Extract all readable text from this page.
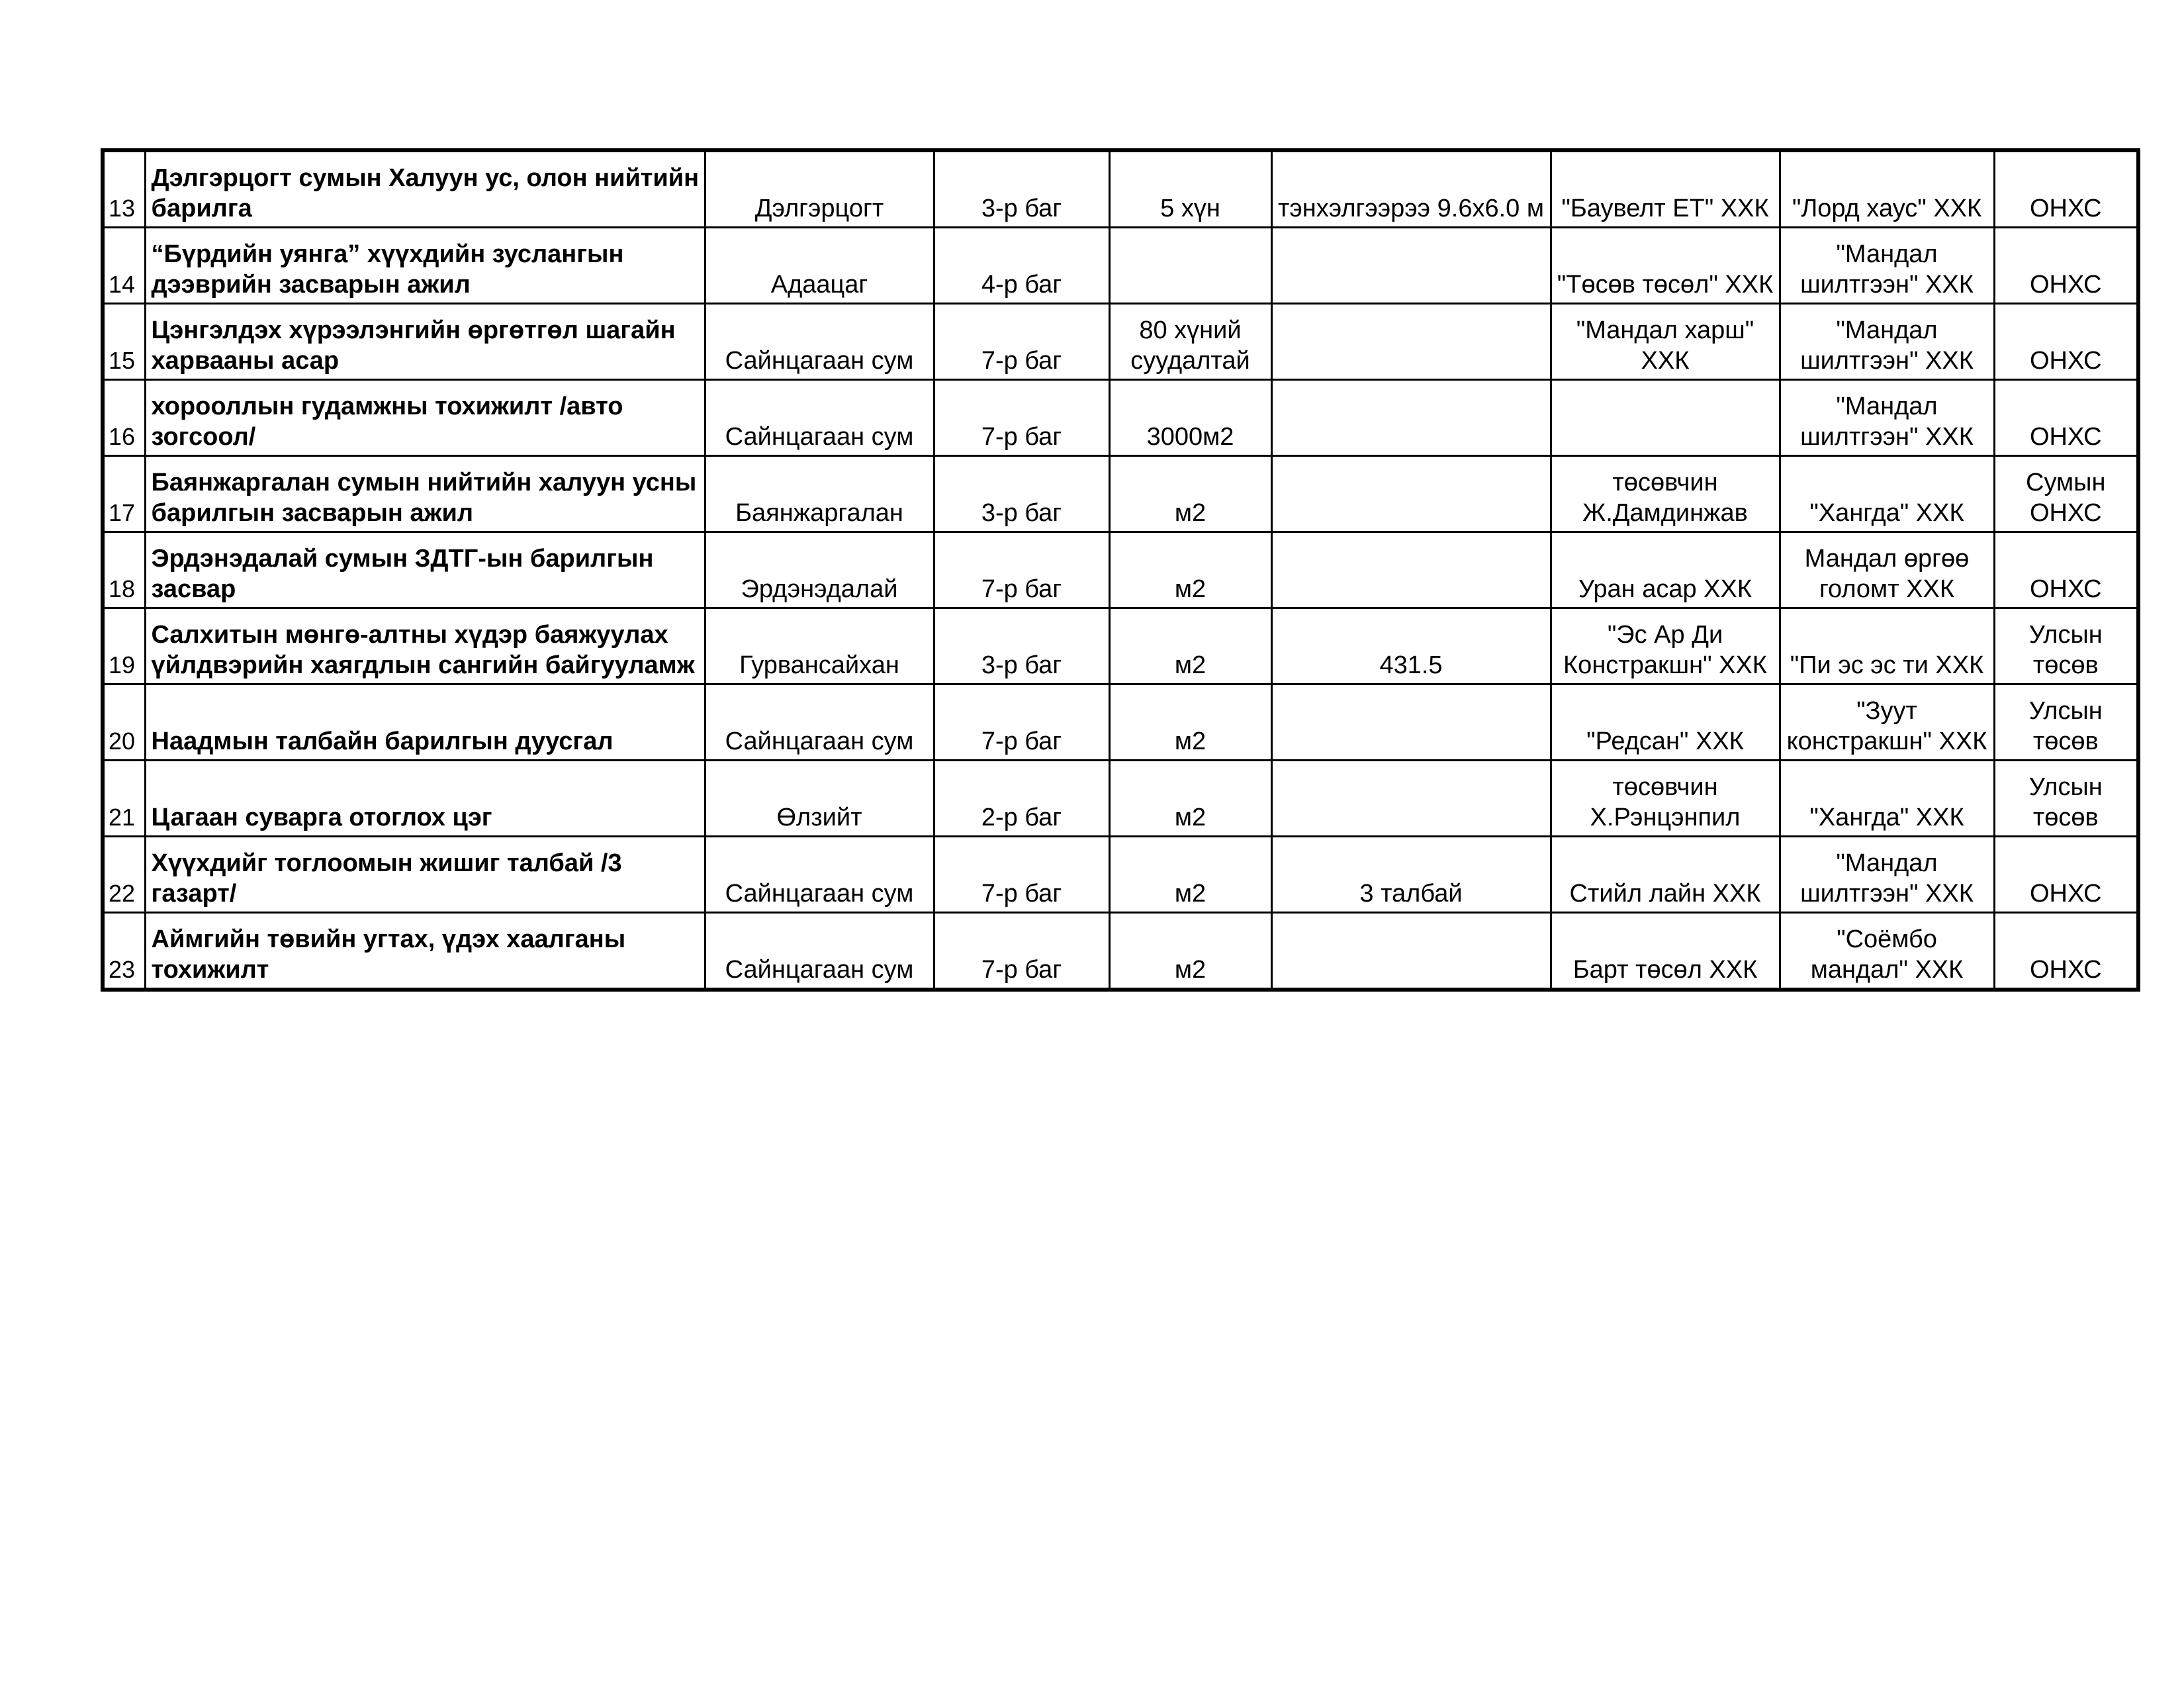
13	Дэлгэрцогт сумын Халуун ус, олон нийтийн барилга	Дэлгэрцогт	3-р баг	5 хүн	тэнхэлгээрээ 9.6х6.0 м	"Баувелт ЕТ" ХХК	"Лорд хаус" ХХК	ОНХС
14	“Бүрдийн уянга” хүүхдийн зуслангын дээврийн засварын ажил	Адаацаг	4-р баг			"Төсөв төсөл" ХХК	"Мандал шилтгээн" ХХК	ОНХС
15	Цэнгэлдэх хүрээлэнгийн өргөтгөл шагайн харвааны асар	Сайнцагаан сум	7-р баг	80 хүний суудалтай		"Мандал харш" ХХК	"Мандал шилтгээн" ХХК	ОНХС
16	хорооллын гудамжны тохижилт /авто зогсоол/	Сайнцагаан сум	7-р баг	3000м2			"Мандал шилтгээн" ХХК	ОНХС
17	Баянжаргалан сумын нийтийн халуун усны барилгын засварын ажил	Баянжаргалан	3-р баг	м2		төсөвчин Ж.Дамдинжав	"Хангда" ХХК	Сумын ОНХС
18	Эрдэнэдалай сумын ЗДТГ-ын барилгын засвар	Эрдэнэдалай	7-р баг	м2		Уран асар ХХК	Мандал өргөө голомт ХХК	ОНХС
19	Салхитын мөнгө-алтны хүдэр баяжуулах үйлдвэрийн хаягдлын сангийн байгууламж	Гурвансайхан	3-р баг	м2	431.5	"Эс Ар Ди Констракшн" ХХК	"Пи эс эс ти ХХК	Улсын төсөв
20	Наадмын талбайн барилгын дуусгал	Сайнцагаан сум	7-р баг	м2		"Редсан" ХХК	"Зуут констракшн" ХХК	Улсын төсөв
21	Цагаан суварга отоглох цэг	Өлзийт	2-р баг	м2		төсөвчин Х.Рэнцэнпил	"Хангда" ХХК	Улсын төсөв
22	Хүүхдийг тоглоомын жишиг талбай /3 газарт/	Сайнцагаан сум	7-р баг	м2	3 талбай	Стийл лайн ХХК	"Мандал шилтгээн" ХХК	ОНХС
23	Аймгийн төвийн угтах, үдэх хаалганы тохижилт	Сайнцагаан сум	7-р баг	м2		Барт төсөл ХХК	"Соёмбо мандал" ХХК	ОНХС
